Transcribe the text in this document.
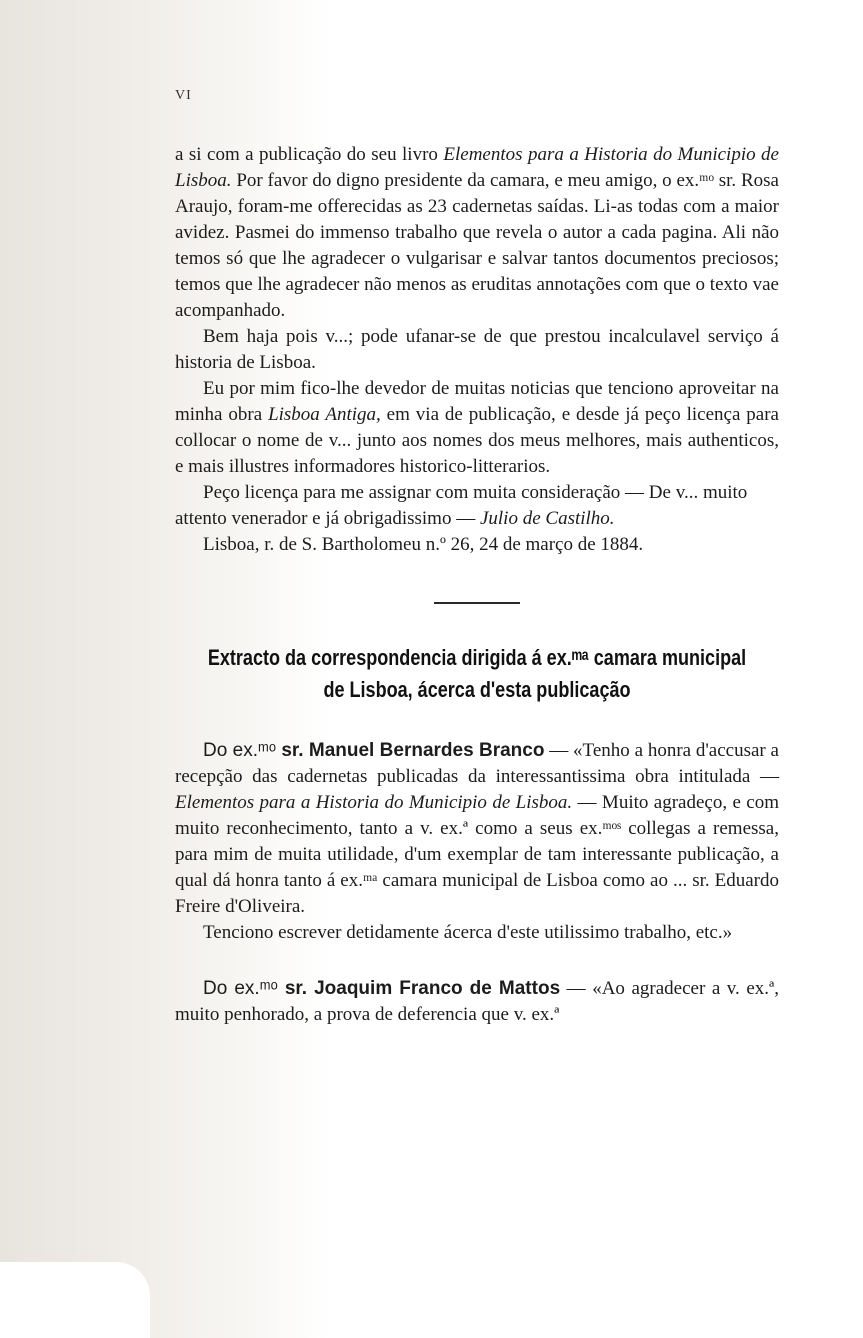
VI

a si com a publicação do seu livro Elementos para a Historia do Municipio de Lisboa. Por favor do digno presidente da camara, e meu amigo, o ex.ᵐᵒ sr. Rosa Araujo, foram-me offerecidas as 23 cadernetas saídas. Li-as todas com a maior avidez. Pasmei do immenso trabalho que revela o autor a cada pagina. Ali não temos só que lhe agradecer o vulgarisar e salvar tantos documentos preciosos; temos que lhe agradecer não menos as eruditas annotações com que o texto vae acompanhado.

Bem haja pois v...; pode ufanar-se de que prestou incalculavel serviço á historia de Lisboa.

Eu por mim fico-lhe devedor de muitas noticias que tenciono aproveitar na minha obra Lisboa Antiga, em via de publicação, e desde já peço licença para collocar o nome de v... junto aos nomes dos meus melhores, mais authenticos, e mais illustres informadores historico-litterarios.

Peço licença para me assignar com muita consideração — De v... muito attento venerador e já obrigadissimo — Julio de Castilho.

Lisboa, r. de S. Bartholomeu n.º 26, 24 de março de 1884.

Extracto da correspondencia dirigida á ex.ᵐᵃ camara municipal
de Lisboa, ácerca d'esta publicação

Do ex.ᵐᵒ sr. Manuel Bernardes Branco — «Tenho a honra d'accusar a recepção das cadernetas publicadas da interessantissima obra intitulada — Elementos para a Historia do Municipio de Lisboa. — Muito agradeço, e com muito reconhecimento, tanto a v. ex.ª como a seus ex.ᵐᵒˢ collegas a remessa, para mim de muita utilidade, d'um exemplar de tam interessante publicação, a qual dá honra tanto á ex.ᵐᵃ camara municipal de Lisboa como ao ... sr. Eduardo Freire d'Oliveira.

Tenciono escrever detidamente ácerca d'este utilissimo trabalho, etc.»

Do ex.ᵐᵒ sr. Joaquim Franco de Mattos — «Ao agradecer a v. ex.ª, muito penhorado, a prova de deferencia que v. ex.ª
